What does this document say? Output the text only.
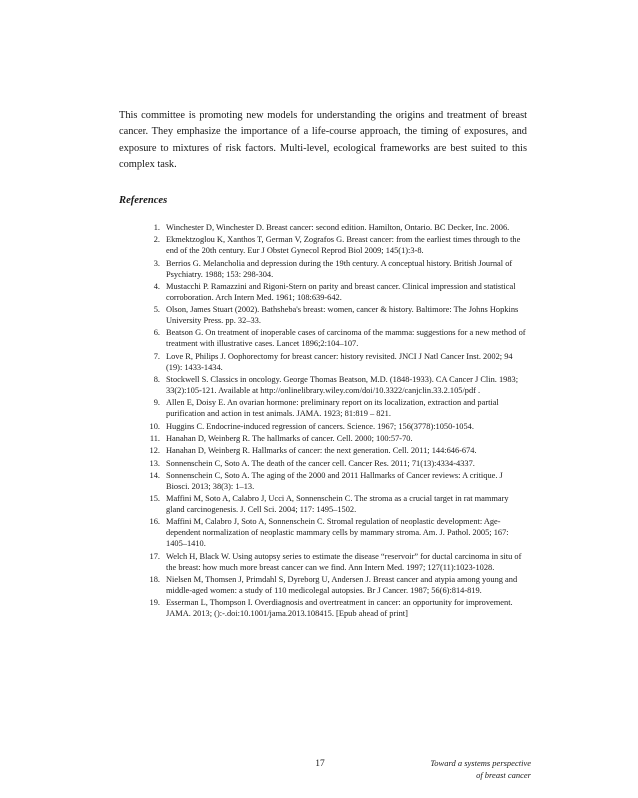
This committee is promoting new models for understanding the origins and treatment of breast cancer. They emphasize the importance of a life-course approach, the timing of exposures, and exposure to mixtures of risk factors. Multi-level, ecological frameworks are best suited to this complex task.

References
1. Winchester D, Winchester D. Breast cancer: second edition. Hamilton, Ontario. BC Decker, Inc. 2006.
2. Ekmektzoglou K, Xanthos T, German V, Zografos G. Breast cancer: from the earliest times through to the end of the 20th century. Eur J Obstet Gynecol Reprod Biol 2009; 145(1):3-8.
3. Berrios G. Melancholia and depression during the 19th century. A conceptual history. British Journal of Psychiatry. 1988; 153: 298-304.
4. Mustacchi P. Ramazzini and Rigoni-Stern on parity and breast cancer. Clinical impression and statistical corroboration. Arch Intern Med. 1961; 108:639-642.
5. Olson, James Stuart (2002). Bathsheba's breast: women, cancer & history. Baltimore: The Johns Hopkins University Press. pp. 32–33.
6. Beatson G. On treatment of inoperable cases of carcinoma of the mamma: suggestions for a new method of treatment with illustrative cases. Lancet 1896;2:104–107.
7. Love R, Philips J. Oophorectomy for breast cancer: history revisited. JNCI J Natl Cancer Inst. 2002; 94 (19): 1433-1434.
8. Stockwell S. Classics in oncology. George Thomas Beatson, M.D. (1848-1933). CA Cancer J Clin. 1983; 33(2):105-121. Available at http://onlinelibrary.wiley.com/doi/10.3322/canjclin.33.2.105/pdf .
9. Allen E, Doisy E. An ovarian hormone: preliminary report on its localization, extraction and partial purification and action in test animals. JAMA. 1923; 81:819 – 821.
10. Huggins C. Endocrine-induced regression of cancers. Science. 1967; 156(3778):1050-1054.
11. Hanahan D, Weinberg R. The hallmarks of cancer. Cell. 2000; 100:57-70.
12. Hanahan D, Weinberg R. Hallmarks of cancer: the next generation. Cell. 2011; 144:646-674.
13. Sonnenschein C, Soto A. The death of the cancer cell. Cancer Res. 2011; 71(13):4334-4337.
14. Sonnenschein C, Soto A. The aging of the 2000 and 2011 Hallmarks of Cancer reviews: A critique. J Biosci. 2013; 38(3): 1–13.
15. Maffini M, Soto A, Calabro J, Ucci A, Sonnenschein C. The stroma as a crucial target in rat mammary gland carcinogenesis. J. Cell Sci. 2004; 117: 1495–1502.
16. Maffini M, Calabro J, Soto A, Sonnenschein C. Stromal regulation of neoplastic development: Age-dependent normalization of neoplastic mammary cells by mammary stroma. Am. J. Pathol. 2005; 167: 1405–1410.
17. Welch H, Black W. Using autopsy series to estimate the disease “reservoir” for ductal carcinoma in situ of the breast: how much more breast cancer can we find. Ann Intern Med. 1997; 127(11):1023-1028.
18. Nielsen M, Thomsen J, Primdahl S, Dyreborg U, Andersen J. Breast cancer and atypia among young and middle-aged women: a study of 110 medicolegal autopsies. Br J Cancer. 1987; 56(6):814-819.
19. Esserman L, Thompson I. Overdiagnosis and overtreatment in cancer: an opportunity for improvement. JAMA. 2013; ():-.doi:10.1001/jama.2013.108415. [Epub ahead of print]
17	Toward a systems perspective
of breast cancer
